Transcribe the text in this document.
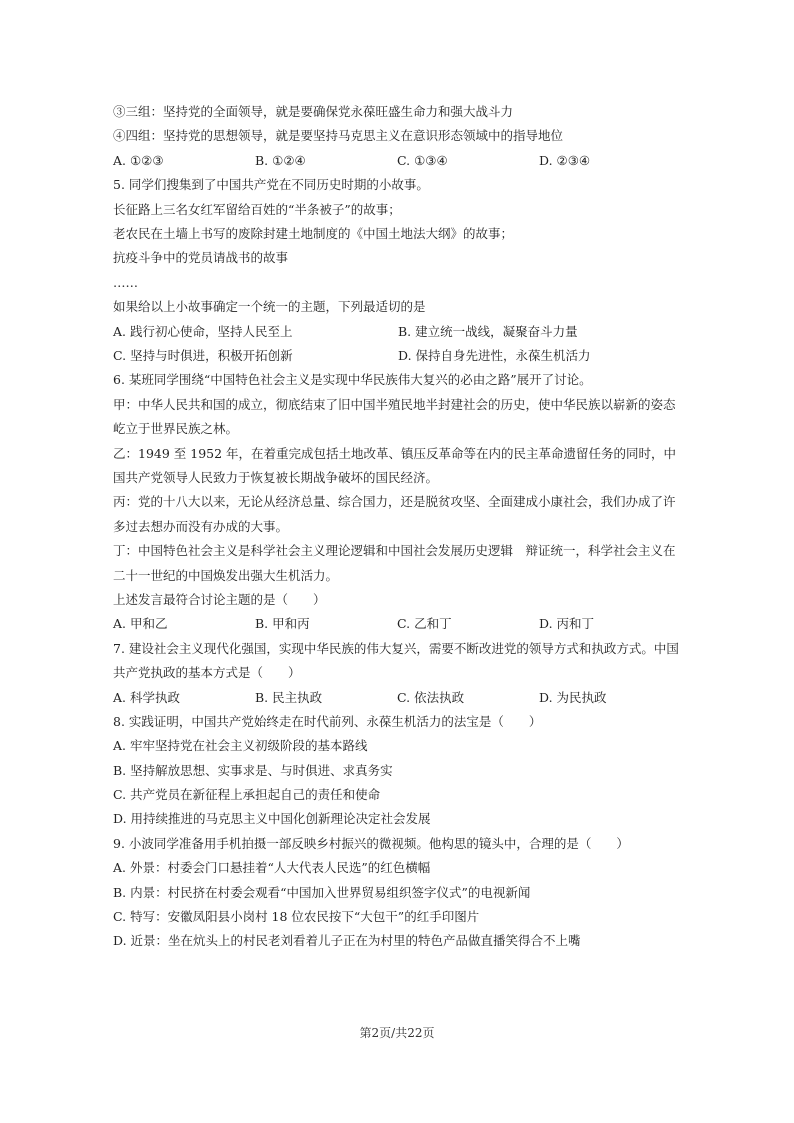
③三组：坚持党的全面领导，就是要确保党永葆旺盛生命力和强大战斗力
④四组：坚持党的思想领导，就是要坚持马克思主义在意识形态领域中的指导地位
A. ①②③	B. ①②④	C. ①③④	D. ②③④
5. 同学们搜集到了中国共产党在不同历史时期的小故事。
长征路上三名女红军留给百姓的“半条被子”的故事；
老农民在土墙上书写的废除封建土地制度的《中国土地法大纲》的故事；
抗疫斗争中的党员请战书的故事
……
如果给以上小故事确定一个统一的主题，下列最适切的是
A. 践行初心使命，坚持人民至上	B. 建立统一战线，凝聚奋斗力量
C. 坚持与时俱进，积极开拓创新	D. 保持自身先进性，永葆生机活力
6. 某班同学围绕“中国特色社会主义是实现中华民族伟大复兴的必由之路”展开了讨论。
甲：中华人民共和国的成立，彻底结束了旧中国半殖民地半封建社会的历史，使中华民族以崭新的姿态屹立于世界民族之林。
乙：1949 至 1952 年，在着重完成包括土地改革、镇压反革命等在内的民主革命遗留任务的同时，中国共产党领导人民致力于恢复被长期战争破坏的国民经济。
丙：党的十八大以来，无论从经济总量、综合国力，还是脱贫攻坚、全面建成小康社会，我们办成了许多过去想办而没有办成的大事。
丁：中国特色社会主义是科学社会主义理论逻辑和中国社会发展历史逻辑　辩证统一，科学社会主义在二十一世纪的中国焕发出强大生机活力。
上述发言最符合讨论主题的是（　　）
A. 甲和乙	B. 甲和丙	C. 乙和丁	D. 丙和丁
7. 建设社会主义现代化强国，实现中华民族的伟大复兴，需要不断改进党的领导方式和执政方式。中国共产党执政的基本方式是（　　）
A. 科学执政	B. 民主执政	C. 依法执政	D. 为民执政
8. 实践证明，中国共产党始终走在时代前列、永葆生机活力的法宝是（　　）
A. 牢牢坚持党在社会主义初级阶段的基本路线
B. 坚持解放思想、实事求是、与时俱进、求真务实
C. 共产党员在新征程上承担起自己的责任和使命
D. 用持续推进的马克思主义中国化创新理论决定社会发展
9. 小波同学准备用手机拍摄一部反映乡村振兴的微视频。他构思的镜头中，合理的是（　　）
A. 外景：村委会门口悬挂着“人大代表人民选”的红色横幅
B. 内景：村民挤在村委会观看“中国加入世界贸易组织签字仪式”的电视新闻
C. 特写：安徽凤阳县小岗村 18 位农民按下“大包干”的红手印图片
D. 近景：坐在炕头上的村民老刘看着儿子正在为村里的特色产品做直播笑得合不上嘴
第2页/共22页
